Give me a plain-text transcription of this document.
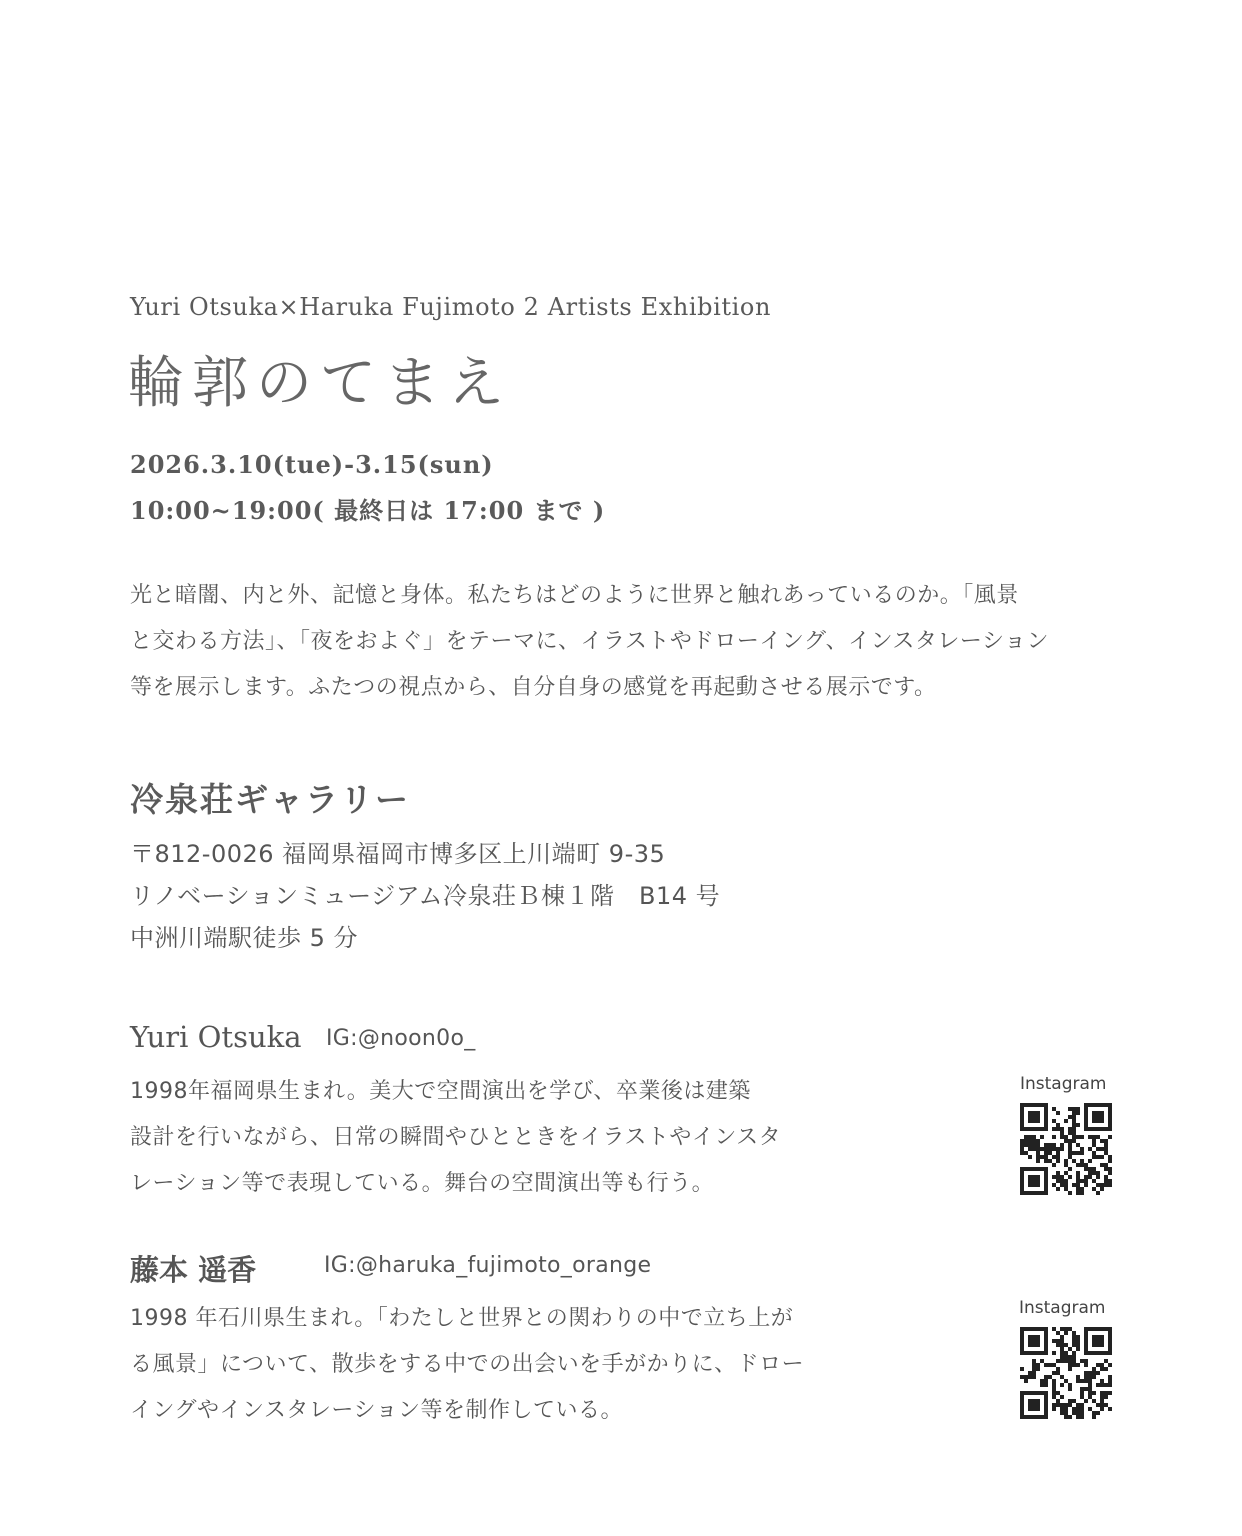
Yuri Otsuka×Haruka Fujimoto 2 Artists Exhibition
輪郭のてまえ
2026.3.10(tue)-3.15(sun)
10:00~19:00( 最終日は 17:00 まで )
光と暗闇、内と外、記憶と身体。私たちはどのように世界と触れあっているのか。「風景
と交わる方法」、「夜をおよぐ」をテーマに、イラストやドローイング、インスタレーション
等を展示します。ふたつの視点から、自分自身の感覚を再起動させる展示です。
冷泉荘ギャラリー
〒812-0026 福岡県福岡市博多区上川端町 9-35
リノベーションミュージアム冷泉荘Ｂ棟１階　B14 号
中洲川端駅徒歩 5 分
Yuri Otsuka IG:@noon0o_
1998年福岡県生まれ。美大で空間演出を学び、卒業後は建築
設計を行いながら、日常の瞬間やひとときをイラストやインスタ
レーション等で表現している。舞台の空間演出等も行う。
Instagram
藤本 遥香	IG:@haruka_fujimoto_orange
1998 年石川県生まれ。「わたしと世界との関わりの中で立ち上が
る風景」について、散歩をする中での出会いを手がかりに、ドロー
イングやインスタレーション等を制作している。
Instagram
